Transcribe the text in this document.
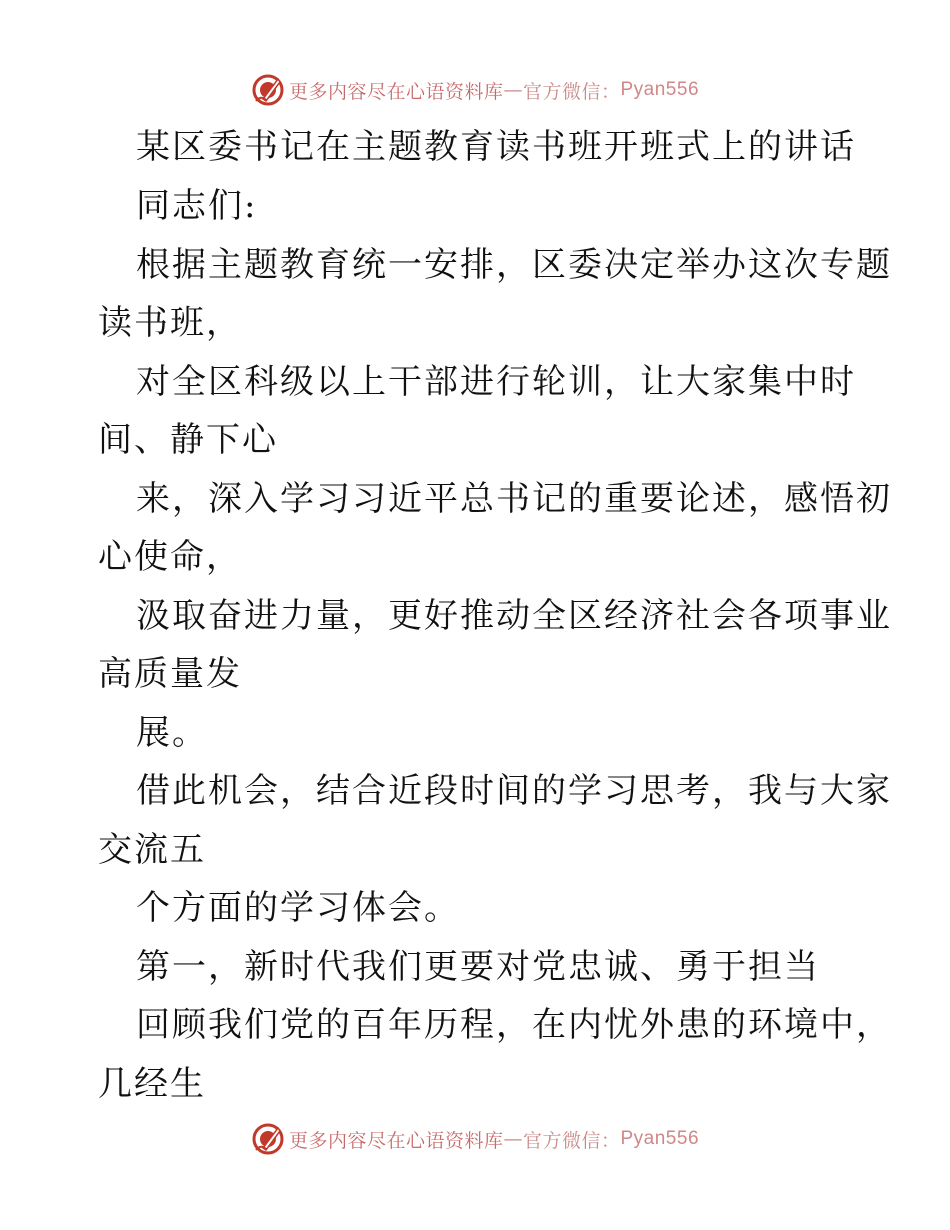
更多内容尽在心语资料库 — 官方微信： Pyan556
某区委书记在主题教育读书班开班式上的讲话
同志们:
根据主题教育统一安排，区委决定举办这次专题
读书班，
对全区科级以上干部进行轮训，让大家集中时
间、静下心
来，深入学习习近平总书记的重要论述，感悟初
心使命，
汲取奋进力量，更好推动全区经济社会各项事业
高质量发
展。
借此机会，结合近段时间的学习思考，我与大家
交流五
个方面的学习体会。
第一，新时代我们更要对党忠诚、勇于担当
回顾我们党的百年历程，在内忧外患的环境中，
几经生
更多内容尽在心语资料库 — 官方微信： Pyan556
